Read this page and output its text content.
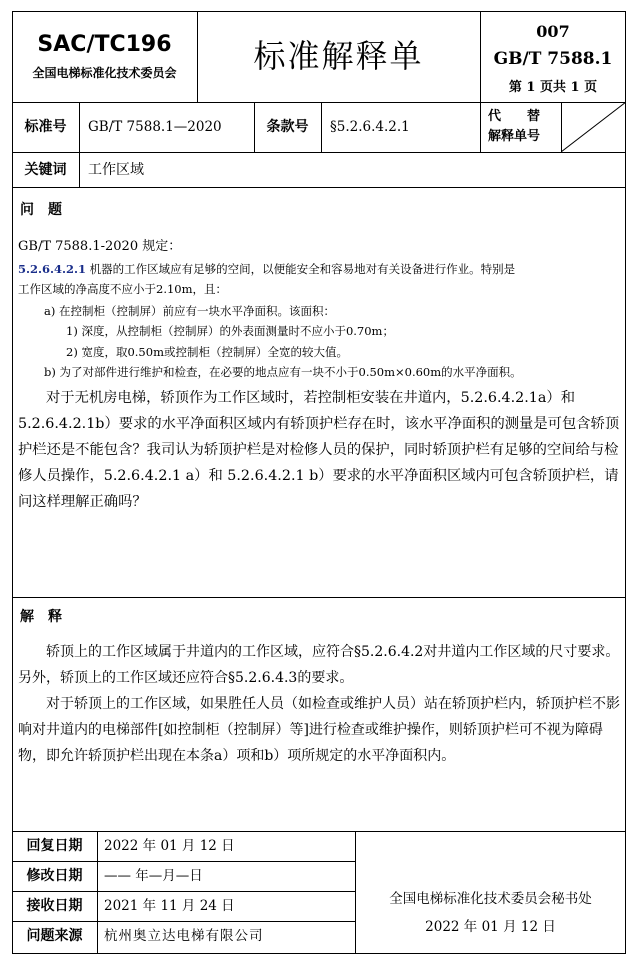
SAC/TC196
全国电梯标准化技术委员会	标准解释单
007
GB/T 7588.1
第 1 页共 1 页
标准号	GB/T 7588.1—2020	条款号	§5.2.6.4.2.1
代　　替
解释单号
关键词	工作区域
问　题
GB/T 7588.1-2020 规定：
5.2.6.4.2.1 机器的工作区域应有足够的空间，以便能安全和容易地对有关设备进行作业。特别是
工作区域的净高度不应小于2.10m，且：
a) 在控制柜（控制屏）前应有一块水平净面积。该面积：
1) 深度，从控制柜（控制屏）的外表面测量时不应小于0.70m；
2) 宽度，取0.50m或控制柜（控制屏）全宽的较大值。
b) 为了对部件进行维护和检查，在必要的地点应有一块不小于0.50m×0.60m的水平净面积。

对于无机房电梯，轿顶作为工作区域时，若控制柜安装在井道内，5.2.6.4.2.1a）和 5.2.6.4.2.1b）要求的水平净面积区域内有轿顶护栏存在时，该水平净面积的测量是可包含轿顶护栏还是不能包含？我司认为轿顶护栏是对检修人员的保护，同时轿顶护栏有足够的空间给与检修人员操作，5.2.6.4.2.1 a）和 5.2.6.4.2.1 b）要求的水平净面积区域内可包含轿顶护栏，请问这样理解正确吗？

解　释

轿顶上的工作区域属于井道内的工作区域，应符合§5.2.6.4.2对井道内工作区域的尺寸要求。另外，轿顶上的工作区域还应符合§5.2.6.4.3的要求。

对于轿顶上的工作区域，如果胜任人员（如检查或维护人员）站在轿顶护栏内，轿顶护栏不影响对井道内的电梯部件[如控制柜（控制屏）等]进行检查或维护操作，则轿顶护栏可不视为障碍物，即允许轿顶护栏出现在本条a）项和b）项所规定的水平净面积内。

回复日期	2022 年 01 月 12 日
修改日期	—— 年—月—日
接收日期	2021 年 11 月 24 日
问题来源	杭州奥立达电梯有限公司
全国电梯标准化技术委员会秘书处
2022 年 01 月 12 日
